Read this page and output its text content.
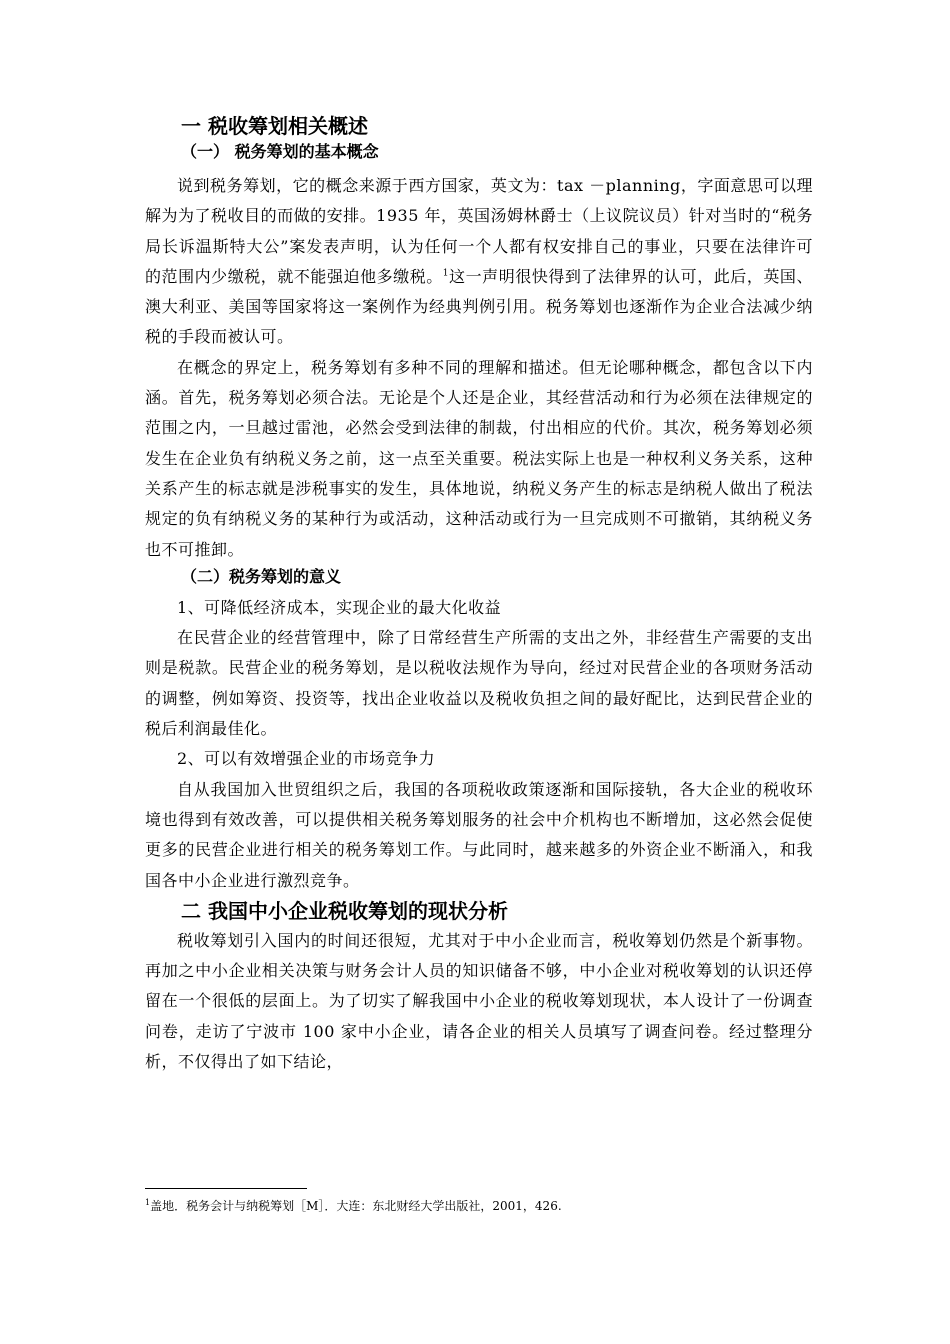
一 税收筹划相关概述
（一） 税务筹划的基本概念

说到税务筹划，它的概念来源于西方国家，英文为：tax －planning，字面意思可以理解为为了税收目的而做的安排。1935 年，英国汤姆林爵士（上议院议员）针对当时的“税务局长诉温斯特大公”案发表声明，认为任何一个人都有权安排自己的事业，只要在法律许可的范围内少缴税，就不能强迫他多缴税。$^1$这一声明很快得到了法律界的认可，此后，英国、澳大利亚、美国等国家将这一案例作为经典判例引用。税务筹划也逐渐作为企业合法减少纳税的手段而被认可。

在概念的界定上，税务筹划有多种不同的理解和描述。但无论哪种概念，都包含以下内涵。首先，税务筹划必须合法。无论是个人还是企业，其经营活动和行为必须在法律规定的范围之内，一旦越过雷池，必然会受到法律的制裁，付出相应的代价。其次，税务筹划必须发生在企业负有纳税义务之前，这一点至关重要。税法实际上也是一种权利义务关系，这种关系产生的标志就是涉税事实的发生，具体地说，纳税义务产生的标志是纳税人做出了税法规定的负有纳税义务的某种行为或活动，这种活动或行为一旦完成则不可撤销，其纳税义务也不可推卸。

（二）税务筹划的意义

1、可降低经济成本，实现企业的最大化收益

在民营企业的经营管理中，除了日常经营生产所需的支出之外，非经营生产需要的支出则是税款。民营企业的税务筹划，是以税收法规作为导向，经过对民营企业的各项财务活动的调整，例如筹资、投资等，找出企业收益以及税收负担之间的最好配比，达到民营企业的税后利润最佳化。

2、可以有效增强企业的市场竞争力

自从我国加入世贸组织之后，我国的各项税收政策逐渐和国际接轨，各大企业的税收环境也得到有效改善，可以提供相关税务筹划服务的社会中介机构也不断增加，这必然会促使更多的民营企业进行相关的税务筹划工作。与此同时，越来越多的外资企业不断涌入，和我国各中小企业进行激烈竞争。

二 我国中小企业税收筹划的现状分析

税收筹划引入国内的时间还很短，尤其对于中小企业而言，税收筹划仍然是个新事物。再加之中小企业相关决策与财务会计人员的知识储备不够，中小企业对税收筹划的认识还停留在一个很低的层面上。为了切实了解我国中小企业的税收筹划现状，本人设计了一份调查问卷，走访了宁波市 100 家中小企业，请各企业的相关人员填写了调查问卷。经过整理分析，不仅得出了如下结论，

$^1$盖地．税务会计与纳税筹划［M］．大连：东北财经大学出版社，2001，426.
